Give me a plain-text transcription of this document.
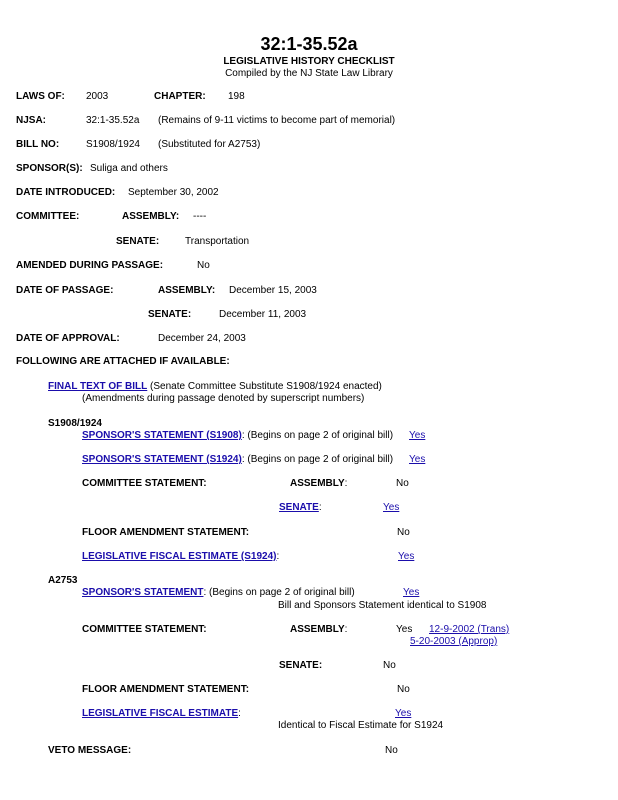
32:1-35.52a
LEGISLATIVE HISTORY CHECKLIST
Compiled by the NJ State Law Library
LAWS OF: 2003	CHAPTER: 198
NJSA:	32:1-35.52a (Remains of 9-11 victims to become part of memorial)
BILL NO:	S1908/1924 (Substituted for A2753)
SPONSOR(S): Suliga and others
DATE INTRODUCED: September 30, 2002
COMMITTEE:	ASSEMBLY: ----
SENATE:	Transportation
AMENDED DURING PASSAGE:	No
DATE OF PASSAGE:	ASSEMBLY: December 15, 2003
SENATE:	December 11, 2003
DATE OF APPROVAL:	December 24, 2003
FOLLOWING ARE ATTACHED IF AVAILABLE:
FINAL TEXT OF BILL (Senate Committee Substitute S1908/1924 enacted)
(Amendments during passage denoted by superscript numbers)
S1908/1924
SPONSOR'S STATEMENT (S1908): (Begins on page 2 of original bill) Yes
SPONSOR'S STATEMENT (S1924): (Begins on page 2 of original bill) Yes
COMMITTEE STATEMENT:	ASSEMBLY:	No
SENATE:	Yes
FLOOR AMENDMENT STATEMENT:	No
LEGISLATIVE FISCAL ESTIMATE (S1924):	Yes
A2753
SPONSOR'S STATEMENT: (Begins on page 2 of original bill)	Yes
Bill and Sponsors Statement identical to S1908
COMMITTEE STATEMENT:	ASSEMBLY:	Yes 12-9-2002 (Trans)
5-20-2003 (Approp)
SENATE:	No
FLOOR AMENDMENT STATEMENT:	No
LEGISLATIVE FISCAL ESTIMATE:	Yes
Identical to Fiscal Estimate for S1924
VETO MESSAGE:	No
